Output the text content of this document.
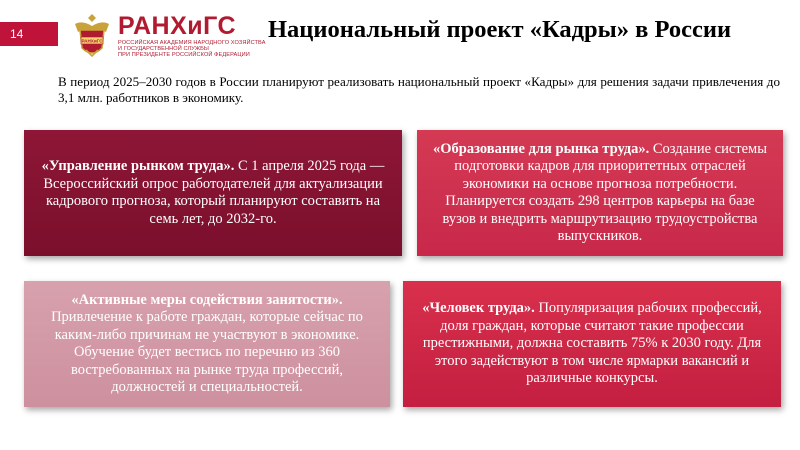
14
РАНХиГС
РАНХиГС
РОССИЙСКАЯ АКАДЕМИЯ НАРОДНОГО ХОЗЯЙСТВА
И ГОСУДАРСТВЕННОЙ СЛУЖБЫ
ПРИ ПРЕЗИДЕНТЕ РОССИЙСКОЙ ФЕДЕРАЦИИ
Национальный проект «Кадры» в России
В период 2025–2030 годов в России планируют реализовать национальный проект «Кадры» для решения задачи привлечения до 3,1 млн. работников в экономику.
«Управление рынком труда». С 1 апреля 2025 года — Всероссийский опрос работодателей для актуализации кадрового прогноза, который планируют составить на семь лет, до 2032-го.
«Образование для рынка труда». Создание системы подготовки кадров для приоритетных отраслей экономики на основе прогноза потребности. Планируется создать 298 центров карьеры на базе вузов и внедрить маршрутизацию трудоустройства выпускников.
«Активные меры содействия занятости». Привлечение к работе граждан, которые сейчас по каким-либо причинам не участвуют в экономике. Обучение будет вестись по перечню из 360 востребованных на рынке труда профессий, должностей и специальностей.
«Человек труда». Популяризация рабочих профессий, доля граждан, которые считают такие профессии престижными, должна составить 75% к 2030 году. Для этого задействуют в том числе ярмарки вакансий и различные конкурсы.
